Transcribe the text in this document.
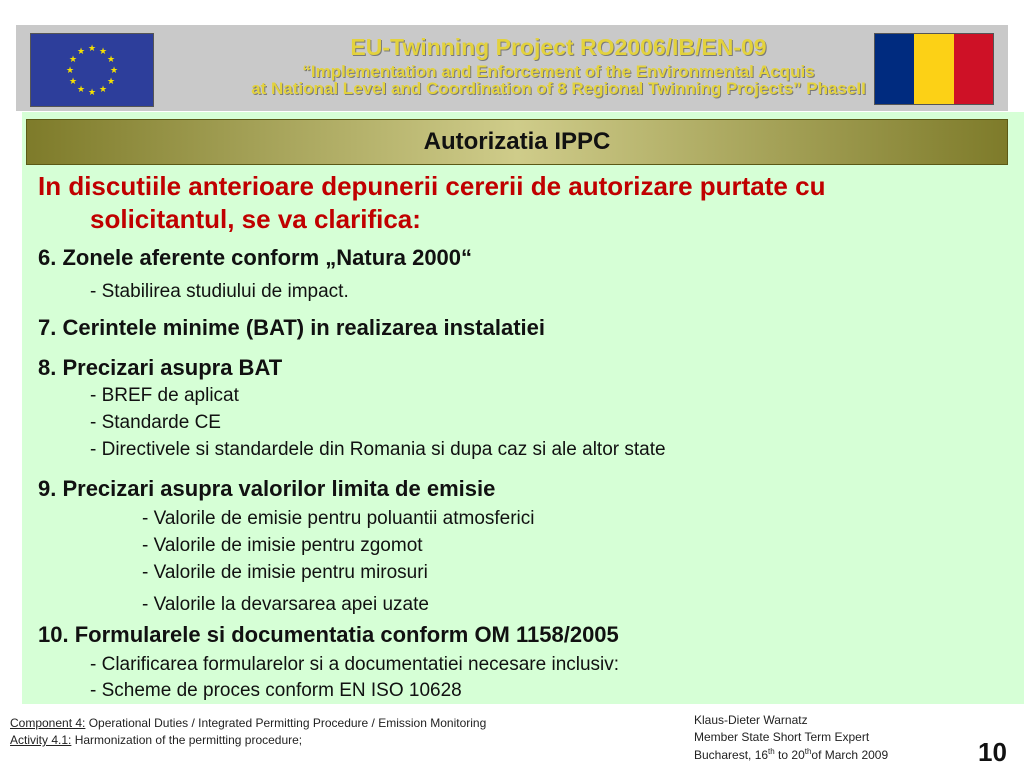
★ ★
★
★
★
★
★
★
★
★
★
★	EU-Twinning Project RO2006/IB/EN-09
“Implementation and Enforcement of the Environmental Acquis
at National Level and Coordination of 8 Regional Twinning Projects” PhaseII
Autorizatia IPPC
In discutiile anterioare depunerii cererii de autorizare purtate cu
solicitantul, se va clarifica:
6. Zonele aferente conform „Natura 2000“
- Stabilirea studiului de impact.
7. Cerintele minime (BAT) in realizarea instalatiei
8. Precizari asupra BAT
- BREF de aplicat
- Standarde CE
- Directivele si standardele din Romania si dupa caz si ale altor state
9. Precizari asupra valorilor limita de emisie
- Valorile de emisie pentru poluantii atmosferici
- Valorile de imisie pentru zgomot
- Valorile de imisie pentru mirosuri
- Valorile la devarsarea apei uzate
10. Formularele si documentatia conform OM 1158/2005
- Clarificarea formularelor si a documentatiei necesare inclusiv:
- Scheme de proces conform EN ISO 10628
Component 4: Operational Duties / Integrated Permitting Procedure / Emission Monitoring
Activity 4.1: Harmonization of the permitting procedure;
Klaus-Dieter Warnatz
Member State Short Term Expert
Bucharest, 16th to 20thof March 2009	10
